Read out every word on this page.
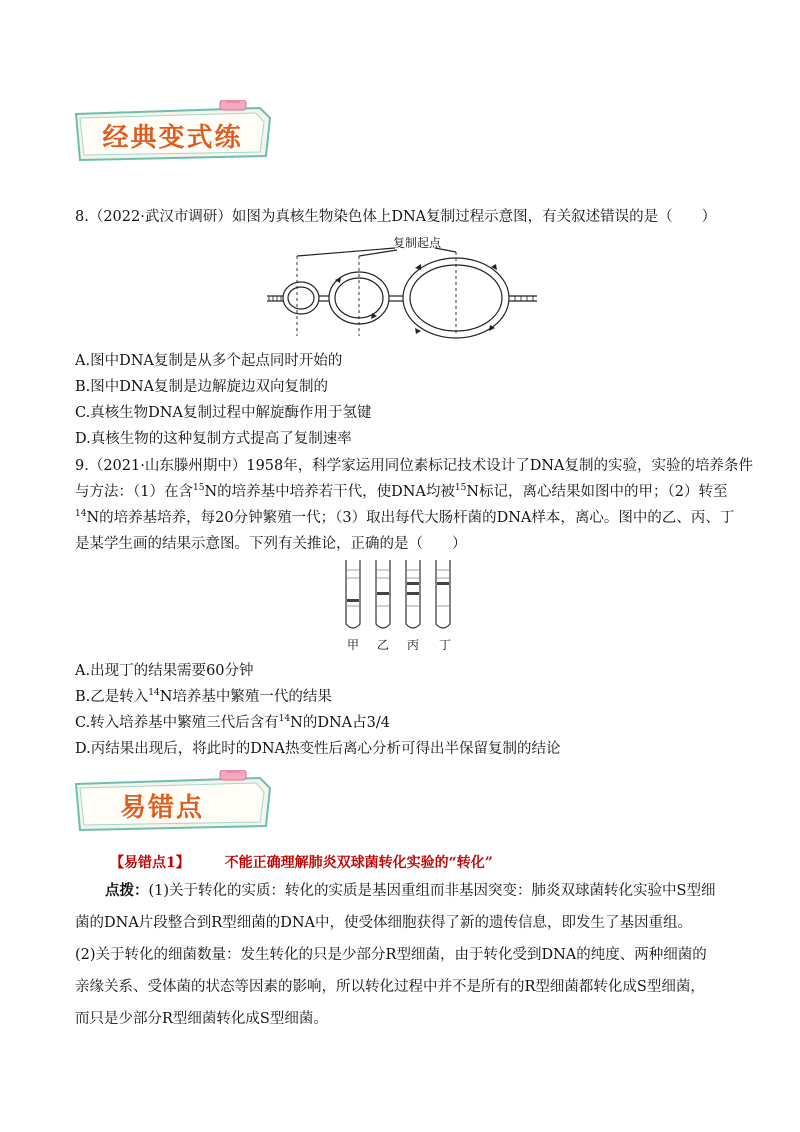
经典变式练
8.（2022·武汉市调研）如图为真核生物染色体上DNA复制过程示意图，有关叙述错误的是（　　）
复制起点
A.图中DNA复制是从多个起点同时开始的
B.图中DNA复制是边解旋边双向复制的
C.真核生物DNA复制过程中解旋酶作用于氢键
D.真核生物的这种复制方式提高了复制速率
9.（2021·山东滕州期中）1958年，科学家运用同位素标记技术设计了DNA复制的实验，实验的培养条件
与方法：（1）在含$^{15}$N的培养基中培养若干代，使DNA均被$^{15}$N标记，离心结果如图中的甲；（2）转至
$^{14}$N的培养基培养，每20分钟繁殖一代；（3）取出每代大肠杆菌的DNA样本，离心。图中的乙、丙、丁
是某学生画的结果示意图。下列有关推论，正确的是（　　）
甲 乙 丙 丁
A.出现丁的结果需要60分钟
B.乙是转入$^{14}$N培养基中繁殖一代的结果
C.转入培养基中繁殖三代后含有$^{14}$N的DNA占3/4
D.丙结果出现后，将此时的DNA热变性后离心分析可得出半保留复制的结论
易错点
【易错点1】 不能正确理解肺炎双球菌转化实验的“转化”
点拨：(1)关于转化的实质：转化的实质是基因重组而非基因突变：肺炎双球菌转化实验中S型细
菌的DNA片段整合到R型细菌的DNA中，使受体细胞获得了新的遗传信息，即发生了基因重组。
(2)关于转化的细菌数量：发生转化的只是少部分R型细菌，由于转化受到DNA的纯度、两种细菌的
亲缘关系、受体菌的状态等因素的影响，所以转化过程中并不是所有的R型细菌都转化成S型细菌，
而只是少部分R型细菌转化成S型细菌。
